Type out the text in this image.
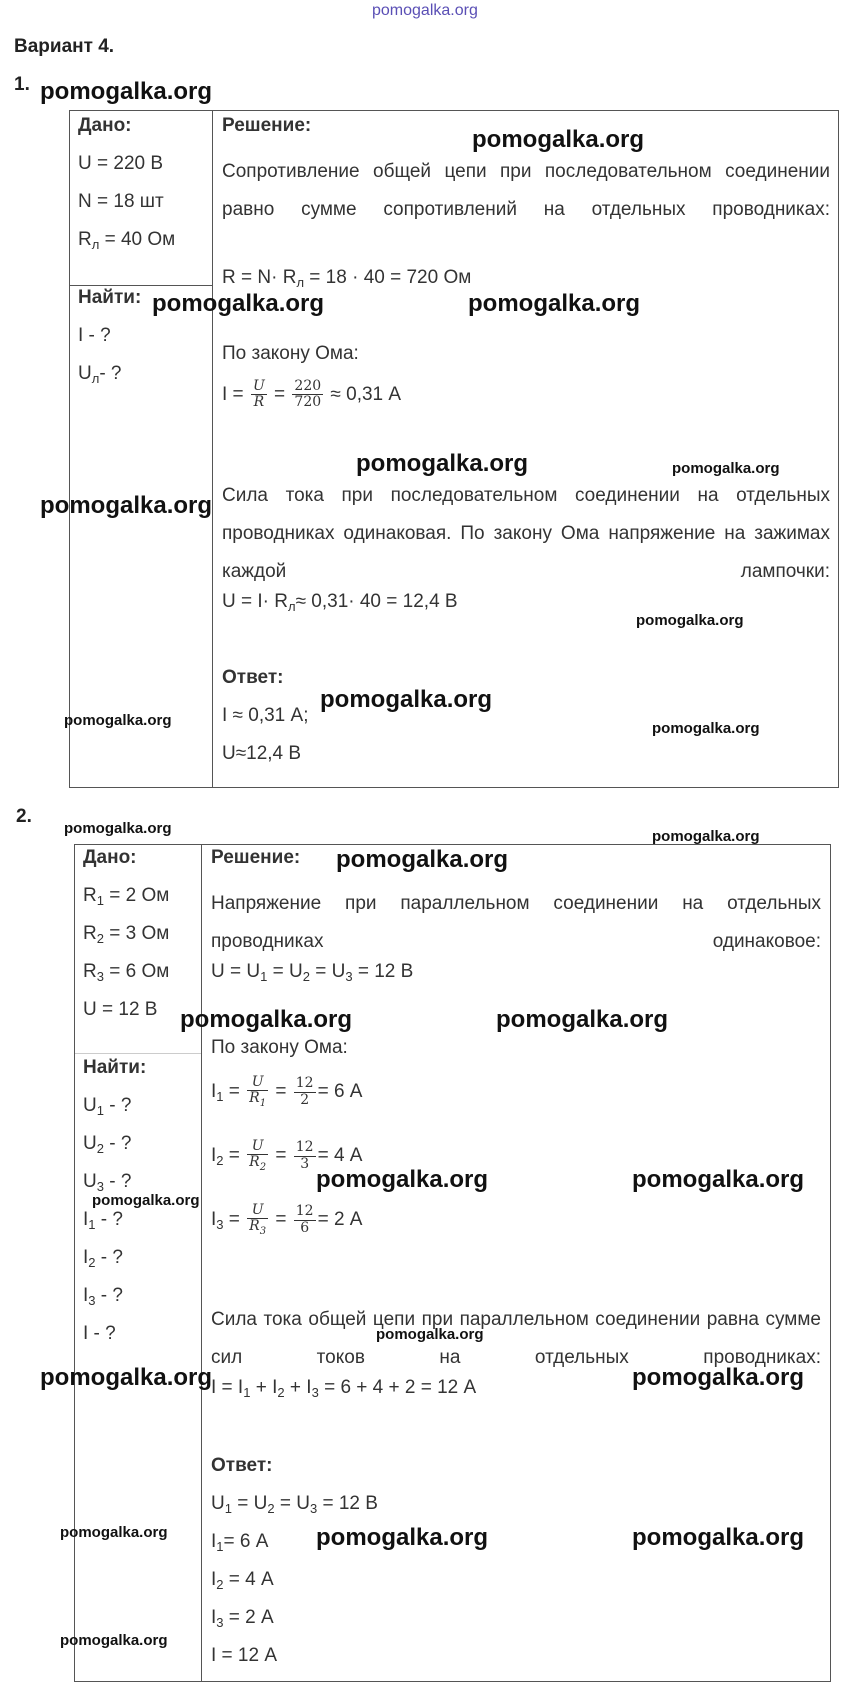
pomogalka.org
Вариант 4.
1.
Дано:
U = 220 В
N = 18 шт
$R_л = 40$ Ом
Найти:
I - ?
$U_л-$ ?
Решение:
Сопротивление общей цепи при последовательном соединении равно сумме сопротивлений на отдельных проводниках:
$R = N\cdot R_л = 18 \cdot 40 = 720$ Ом
По закону Ома:
$I = \frac{U}{R} = \frac{220}{720} \approx 0,31$ А
Сила тока при последовательном соединении на отдельных проводниках одинаковая. По закону Ома напряжение на зажимах каждой лампочки:
$U = I\cdot R_л\approx 0,31\cdot 40 = 12,4$ В
Ответ:
I ≈ 0,31 А;
U≈12,4 В
2.
Дано:
$R_1 = 2$ Ом
$R_2 = 3$ Ом
$R_3 = 6$ Ом
U = 12 В
Найти:
$U_1$ - ?
$U_2$ - ?
$U_3$ - ?
$I_1$ - ?
$I_2$ - ?
$I_3$ - ?
I - ?
Решение:
Напряжение при параллельном соединении на отдельных проводниках одинаковое:
$U = U_1 = U_2 = U_3 = 12$ В
По закону Ома:
$I_1 = \frac{U}{R_1} = \frac{12}{2} = 6$ А
$I_2 = \frac{U}{R_2} = \frac{12}{3} = 4$ А
$I_3 = \frac{U}{R_3} = \frac{12}{6} = 2$ А
Сила тока общей цепи при параллельном соединении равна сумме сил токов на отдельных проводниках:
$I = I_1 + I_2 + I_3 = 6 + 4 + 2 = 12$ А
Ответ:
$U_1 = U_2 = U_3 = 12$ В
$I_1= 6$ А
$I_2 = 4$ А
$I_3 = 2$ А
I = 12 А
pomogalka.org
pomogalka.org
pomogalka.org	pomogalka.org
pomogalka.org	pomogalka.org
pomogalka.org
pomogalka.org
pomogalka.org
pomogalka.org	pomogalka.org
pomogalka.org	pomogalka.org
pomogalka.org
pomogalka.org	pomogalka.org
pomogalka.org	pomogalka.org
pomogalka.org
pomogalka.org
pomogalka.org	pomogalka.org
pomogalka.org	pomogalka.org	pomogalka.org
pomogalka.org
